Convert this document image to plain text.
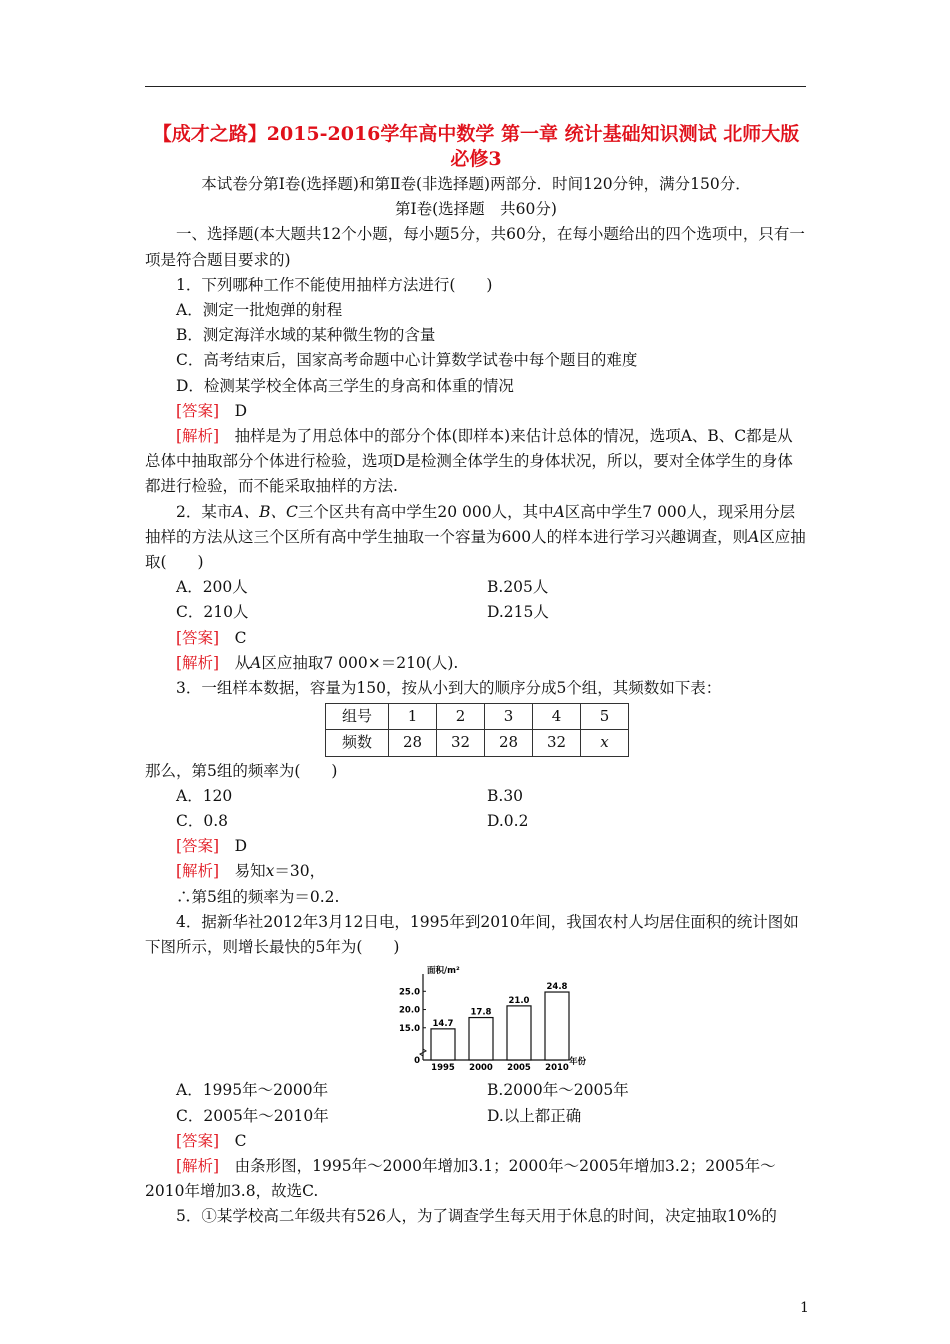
【成才之路】2015-2016学年高中数学 第一章 统计基础知识测试 北师大版必修3

本试卷分第Ⅰ卷(选择题)和第Ⅱ卷(非选择题)两部分．时间120分钟，满分150分．

第Ⅰ卷(选择题　共60分)

一、选择题(本大题共12个小题，每小题5分，共60分，在每小题给出的四个选项中，只有一项是符合题目要求的)

1．下列哪种工作不能使用抽样方法进行(　　)

A．测定一批炮弹的射程

B．测定海洋水域的某种微生物的含量

C．高考结束后，国家高考命题中心计算数学试卷中每个题目的难度

D．检测某学校全体高三学生的身高和体重的情况

[答案]　 D

[解析]　 抽样是为了用总体中的部分个体(即样本)来估计总体的情况，选项A、B、C都是从总体中抽取部分个体进行检验，选项D是检测全体学生的身体状况，所以，要对全体学生的身体都进行检验，而不能采取抽样的方法.

2．某市A、B、C三个区共有高中学生20 000人，其中A区高中学生7 000人，现采用分层抽样的方法从这三个区所有高中学生抽取一个容量为600人的样本进行学习兴趣调查，则A区应抽取(　　)

A．200人	B.205人
C．210人	D.215人

[答案]　 C

[解析]　 从A区应抽取7 000×＝210(人).

3．一组样本数据，容量为150，按从小到大的顺序分成5个组，其频数如下表：

组号	1	2	3	4	5
频数	28	32	28	32	x

那么，第5组的频率为(　　)

A．120	B.30
C．0.8	D.0.2

[答案]　 D

[解析]　 易知x＝30，

∴第5组的频率为＝0.2.

4．据新华社2012年3月12日电，1995年到2010年间，我国农村人均居住面积的统计图如下图所示，则增长最快的5年为(　　)

面积/m²
年份
25.0
20.0
15.0
0
14.7
1995
17.8
2000
21.0
2005
24.8
2010
A．1995年～2000年	B.2000年～2005年
C．2005年～2010年	D.以上都正确

[答案]　 C

[解析]　 由条形图，1995年～2000年增加3.1；2000年～2005年增加3.2；2005年～2010年增加3.8，故选C.

5．①某学校高二年级共有526人，为了调查学生每天用于休息的时间，决定抽取10%的

1
